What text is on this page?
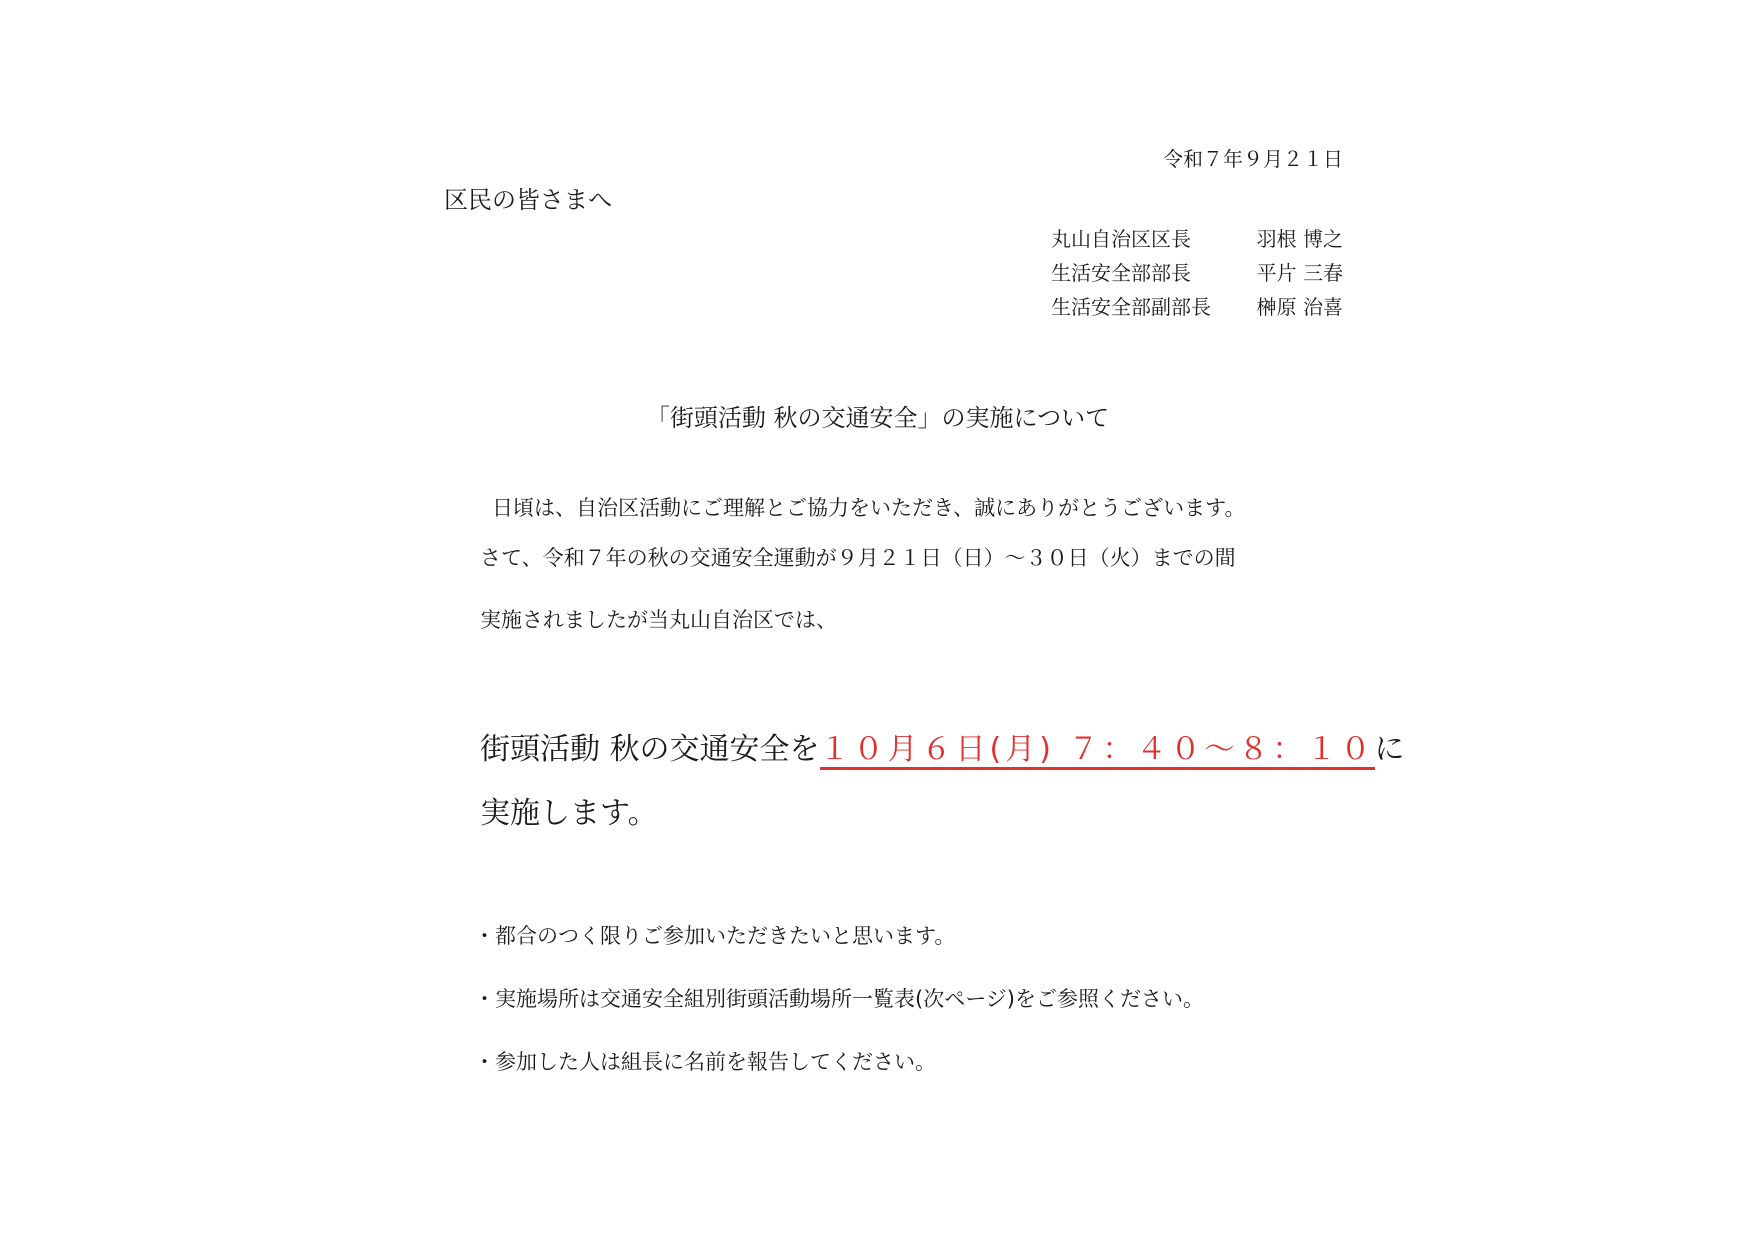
令和７年９月２１日
区民の皆さまへ
丸山自治区区長	羽根 博之
生活安全部部長	平片 三春
生活安全部副部長	榊原 治喜
「街頭活動 秋の交通安全」の実施について
日頃は、自治区活動にご理解とご協力をいただき、誠にありがとうございます。
さて、令和７年の秋の交通安全運動が９月２１日（日）～３０日（火）までの間
実施されましたが当丸山自治区では、
街頭活動 秋の交通安全を１０月６日(月) ７：４０～８：１０に
実施します。
・都合のつく限りご参加いただきたいと思います。
・実施場所は交通安全組別街頭活動場所一覧表(次ページ)をご参照ください。
・参加した人は組長に名前を報告してください。
